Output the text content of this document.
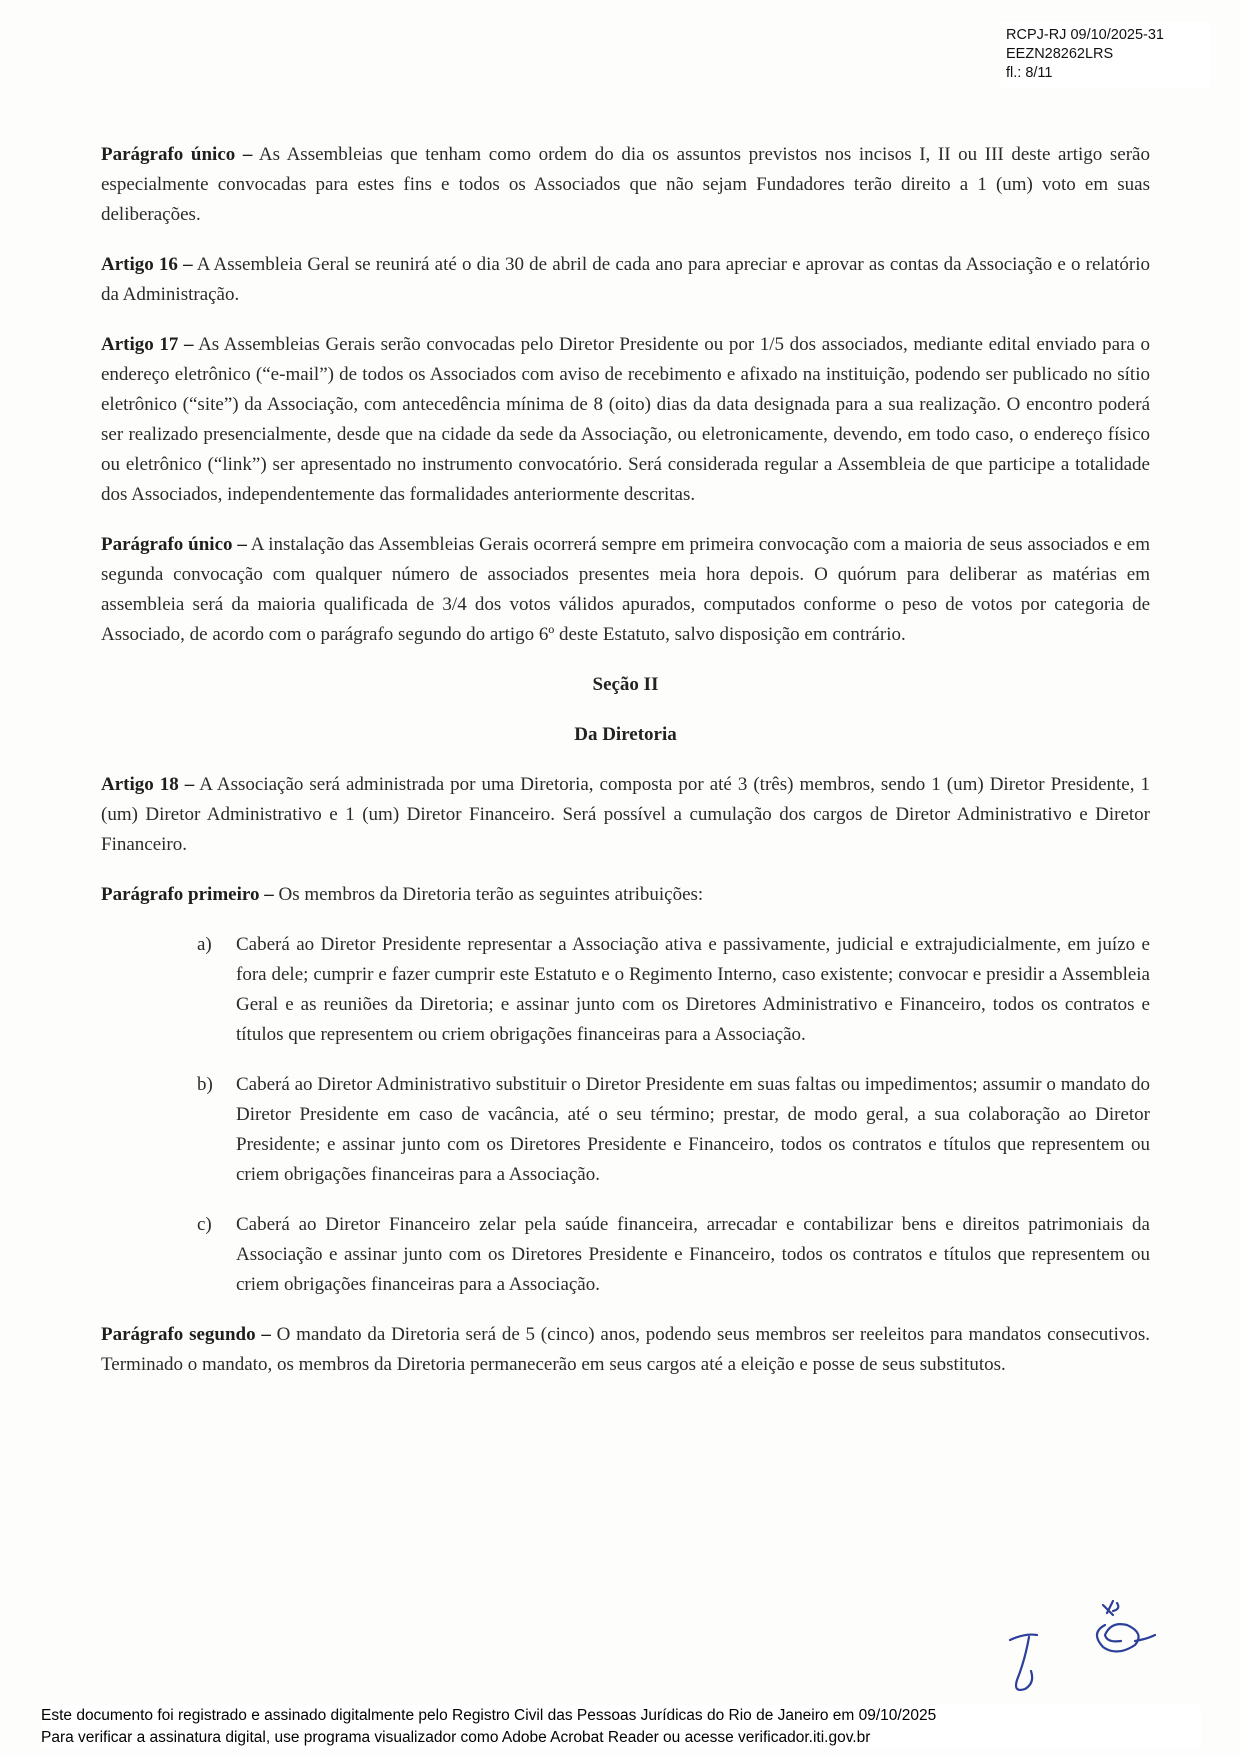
RCPJ-RJ 09/10/2025-31
EEZN28262LRS
fl.: 8/11

Parágrafo único – As Assembleias que tenham como ordem do dia os assuntos previstos nos incisos I, II ou III deste artigo serão especialmente convocadas para estes fins e todos os Associados que não sejam Fundadores terão direito a 1 (um) voto em suas deliberações.

Artigo 16 – A Assembleia Geral se reunirá até o dia 30 de abril de cada ano para apreciar e aprovar as contas da Associação e o relatório da Administração.

Artigo 17 – As Assembleias Gerais serão convocadas pelo Diretor Presidente ou por 1/5 dos associados, mediante edital enviado para o endereço eletrônico (“e-mail”) de todos os Associados com aviso de recebimento e afixado na instituição, podendo ser publicado no sítio eletrônico (“site”) da Associação, com antecedência mínima de 8 (oito) dias da data designada para a sua realização. O encontro poderá ser realizado presencialmente, desde que na cidade da sede da Associação, ou eletronicamente, devendo, em todo caso, o endereço físico ou eletrônico (“link”) ser apresentado no instrumento convocatório. Será considerada regular a Assembleia de que participe a totalidade dos Associados, independentemente das formalidades anteriormente descritas.

Parágrafo único – A instalação das Assembleias Gerais ocorrerá sempre em primeira convocação com a maioria de seus associados e em segunda convocação com qualquer número de associados presentes meia hora depois. O quórum para deliberar as matérias em assembleia será da maioria qualificada de 3/4 dos votos válidos apurados, computados conforme o peso de votos por categoria de Associado, de acordo com o parágrafo segundo do artigo 6º deste Estatuto, salvo disposição em contrário.

Seção II
Da Diretoria

Artigo 18 – A Associação será administrada por uma Diretoria, composta por até 3 (três) membros, sendo 1 (um) Diretor Presidente, 1 (um) Diretor Administrativo e 1 (um) Diretor Financeiro. Será possível a cumulação dos cargos de Diretor Administrativo e Diretor Financeiro.

Parágrafo primeiro – Os membros da Diretoria terão as seguintes atribuições:

a) Caberá ao Diretor Presidente representar a Associação ativa e passivamente, judicial e extrajudicialmente, em juízo e fora dele; cumprir e fazer cumprir este Estatuto e o Regimento Interno, caso existente; convocar e presidir a Assembleia Geral e as reuniões da Diretoria; e assinar junto com os Diretores Administrativo e Financeiro, todos os contratos e títulos que representem ou criem obrigações financeiras para a Associação.
b) Caberá ao Diretor Administrativo substituir o Diretor Presidente em suas faltas ou impedimentos; assumir o mandato do Diretor Presidente em caso de vacância, até o seu término; prestar, de modo geral, a sua colaboração ao Diretor Presidente; e assinar junto com os Diretores Presidente e Financeiro, todos os contratos e títulos que representem ou criem obrigações financeiras para a Associação.
c) Caberá ao Diretor Financeiro zelar pela saúde financeira, arrecadar e contabilizar bens e direitos patrimoniais da Associação e assinar junto com os Diretores Presidente e Financeiro, todos os contratos e títulos que representem ou criem obrigações financeiras para a Associação.

Parágrafo segundo – O mandato da Diretoria será de 5 (cinco) anos, podendo seus membros ser reeleitos para mandatos consecutivos. Terminado o mandato, os membros da Diretoria permanecerão em seus cargos até a eleição e posse de seus substitutos.

Este documento foi registrado e assinado digitalmente pelo Registro Civil das Pessoas Jurídicas do Rio de Janeiro em 09/10/2025
Para verificar a assinatura digital, use programa visualizador como Adobe Acrobat Reader ou acesse verificador.iti.gov.br
